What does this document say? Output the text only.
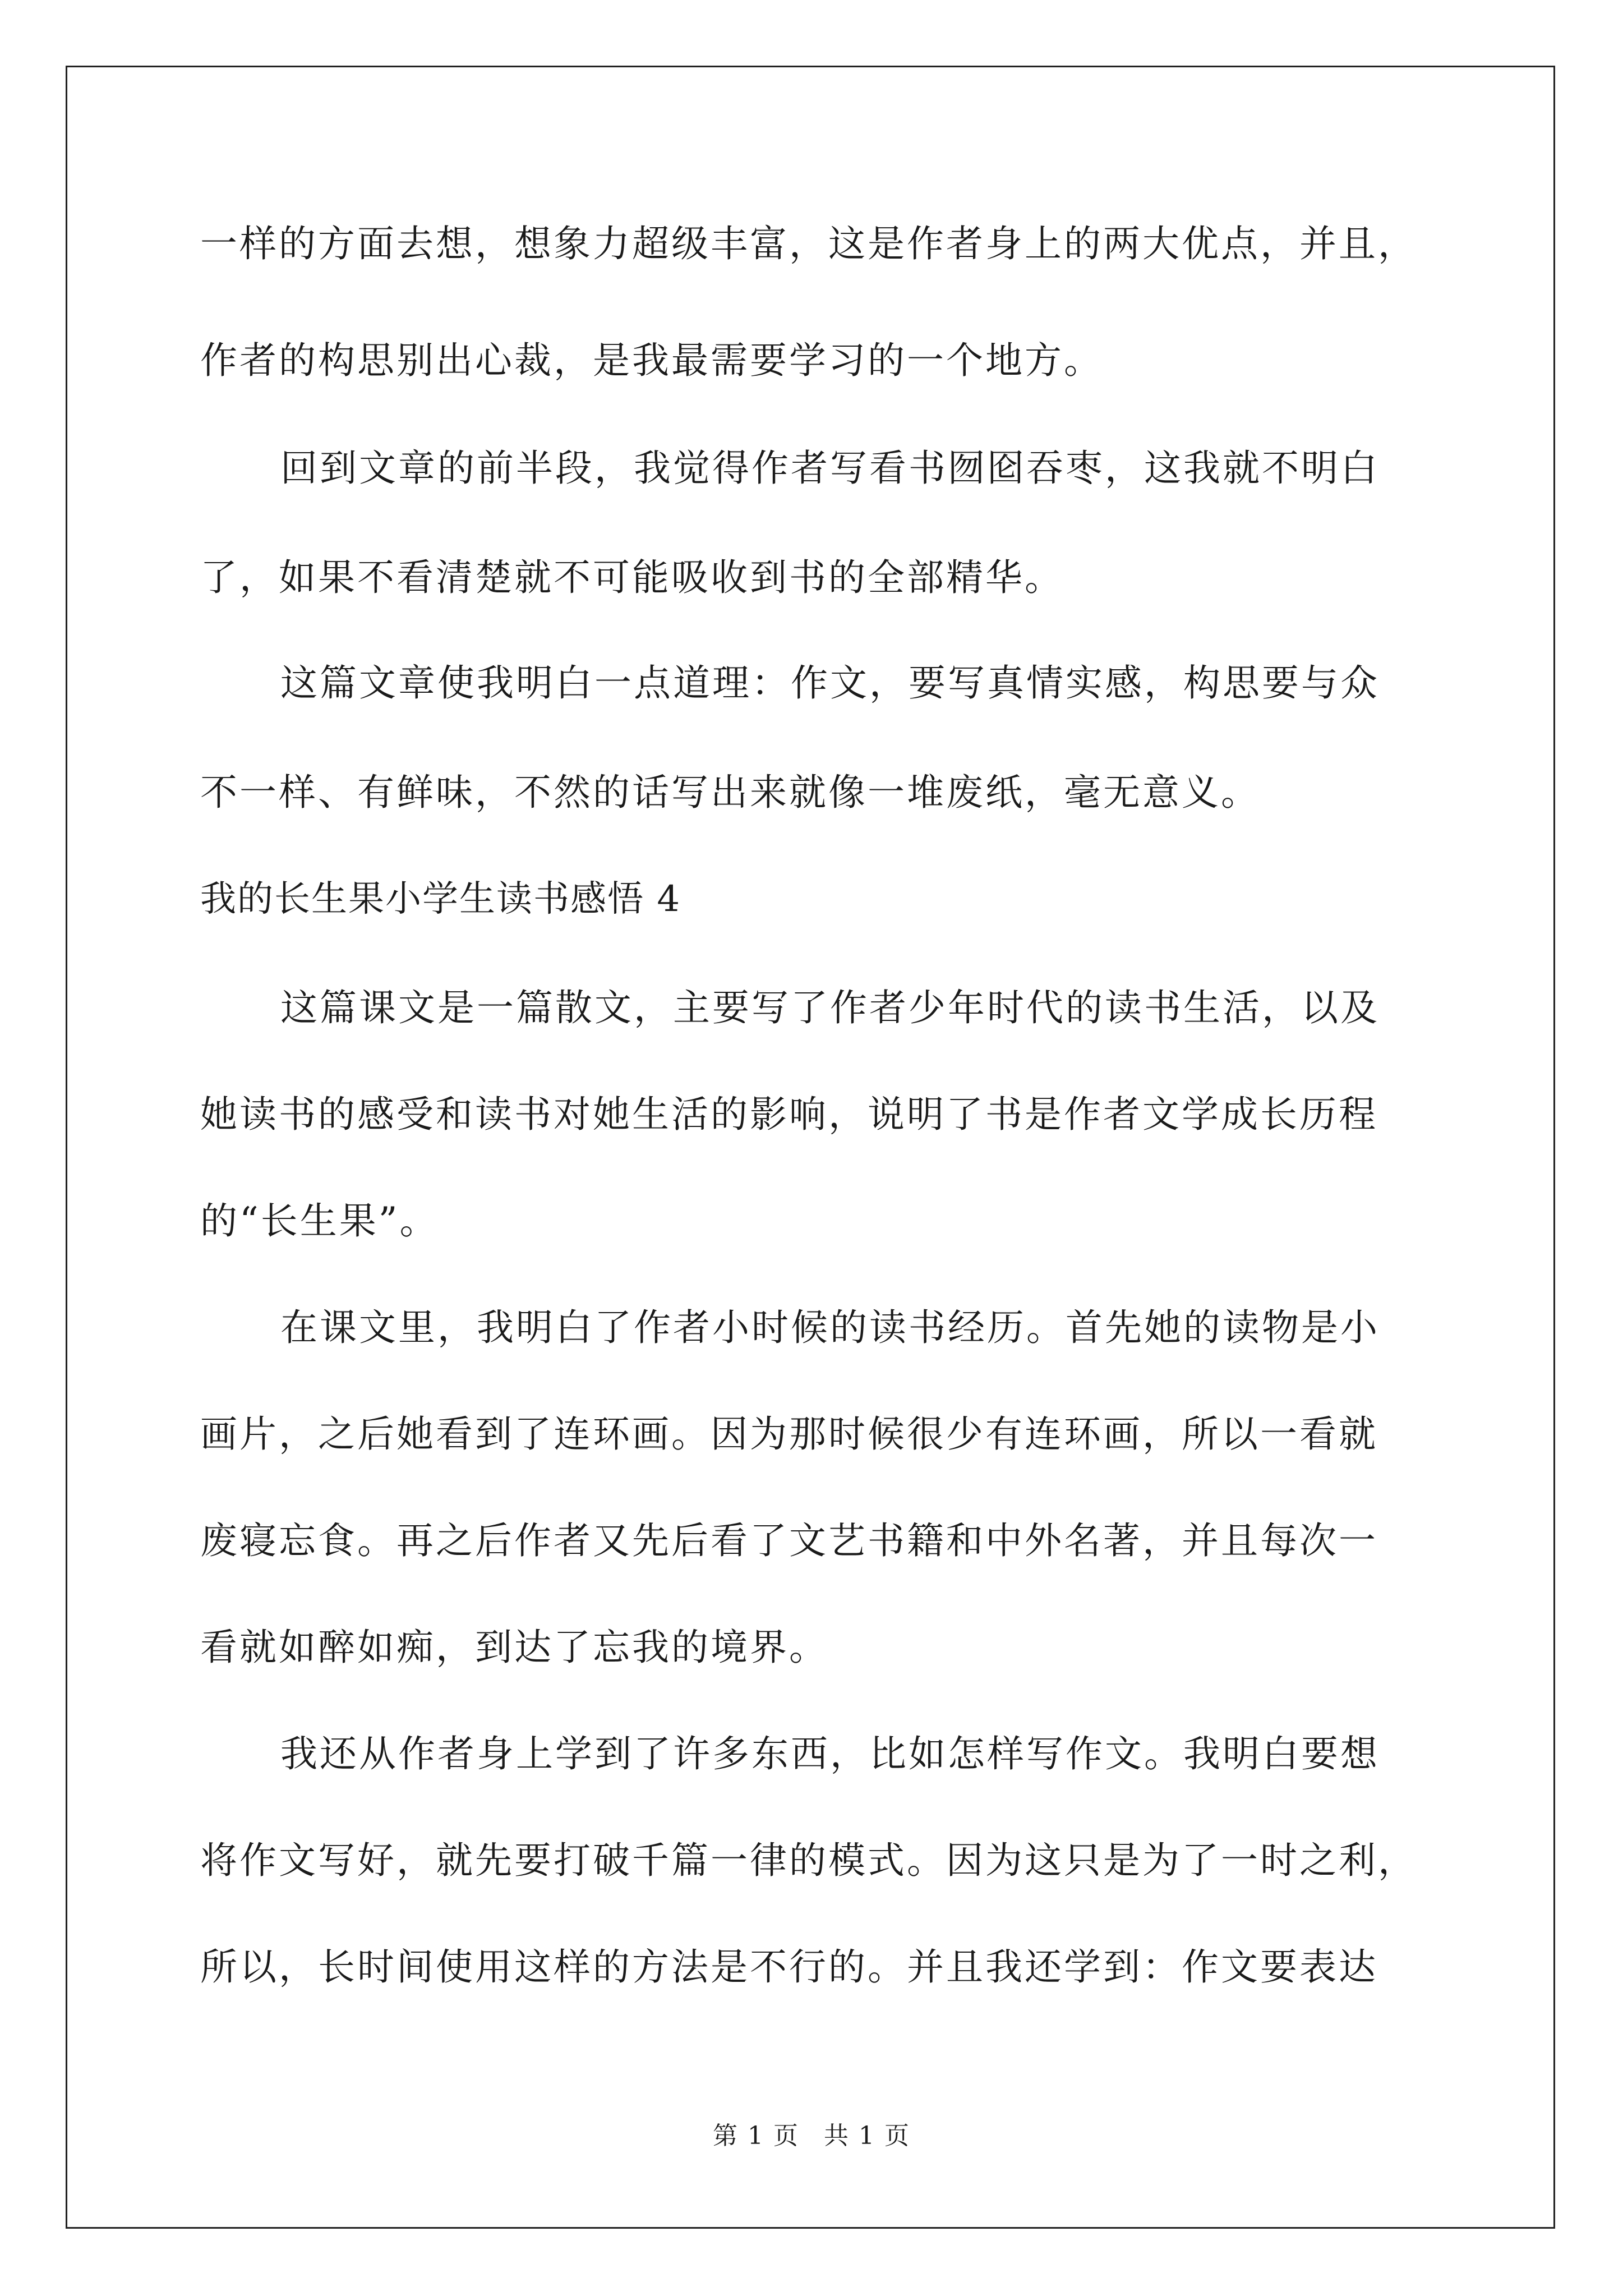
一样的方面去想，想象力超级丰富，这是作者身上的两大优点，并且，
作者的构思别出心裁，是我最需要学习的一个地方。
回到文章的前半段，我觉得作者写看书囫囵吞枣，这我就不明白
了，如果不看清楚就不可能吸收到书的全部精华。
这篇文章使我明白一点道理：作文，要写真情实感，构思要与众
不一样、有鲜味，不然的话写出来就像一堆废纸，毫无意义。
我的长生果小学生读书感悟 4
这篇课文是一篇散文，主要写了作者少年时代的读书生活，以及
她读书的感受和读书对她生活的影响，说明了书是作者文学成长历程
的“长生果”。
在课文里，我明白了作者小时候的读书经历。首先她的读物是小
画片，之后她看到了连环画。因为那时候很少有连环画，所以一看就
废寝忘食。再之后作者又先后看了文艺书籍和中外名著，并且每次一
看就如醉如痴，到达了忘我的境界。
我还从作者身上学到了许多东西，比如怎样写作文。我明白要想
将作文写好，就先要打破千篇一律的模式。因为这只是为了一时之利，
所以，长时间使用这样的方法是不行的。并且我还学到：作文要表达
第 1 页 共 1 页
